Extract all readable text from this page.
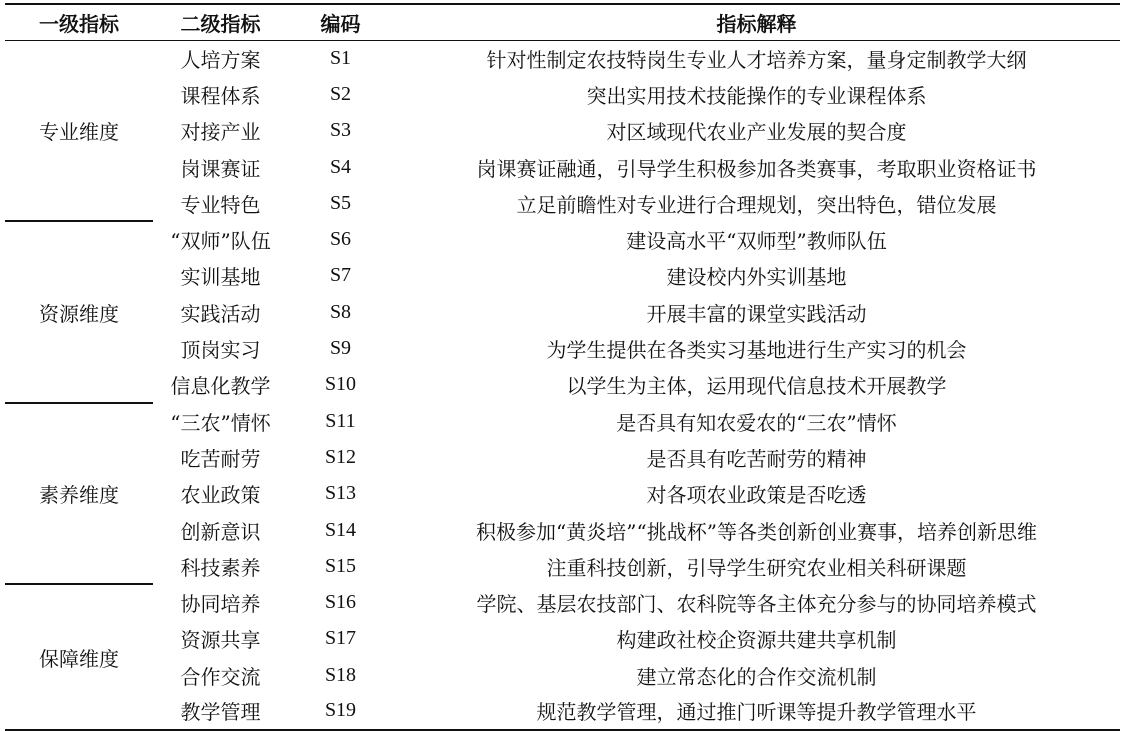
一级指标	二级指标	编码	指标解释
专业维度	人培方案	S1	针对性制定农技特岗生专业人才培养方案，量身定制教学大纲
	课程体系	S2	突出实用技术技能操作的专业课程体系
	对接产业	S3	对区域现代农业产业发展的契合度
	岗课赛证	S4	岗课赛证融通，引导学生积极参加各类赛事，考取职业资格证书
	专业特色	S5	立足前瞻性对专业进行合理规划，突出特色，错位发展
资源维度	“双师”队伍	S6	建设高水平“双师型”教师队伍
	实训基地	S7	建设校内外实训基地
	实践活动	S8	开展丰富的课堂实践活动
	顶岗实习	S9	为学生提供在各类实习基地进行生产实习的机会
	信息化教学	S10	以学生为主体，运用现代信息技术开展教学
素养维度	“三农”情怀	S11	是否具有知农爱农的“三农”情怀
	吃苦耐劳	S12	是否具有吃苦耐劳的精神
	农业政策	S13	对各项农业政策是否吃透
	创新意识	S14	积极参加“黄炎培”“挑战杯”等各类创新创业赛事，培养创新思维
	科技素养	S15	注重科技创新，引导学生研究农业相关科研课题
保障维度	协同培养	S16	学院、基层农技部门、农科院等各主体充分参与的协同培养模式
	资源共享	S17	构建政社校企资源共建共享机制
	合作交流	S18	建立常态化的合作交流机制
	教学管理	S19	规范教学管理，通过推门听课等提升教学管理水平
